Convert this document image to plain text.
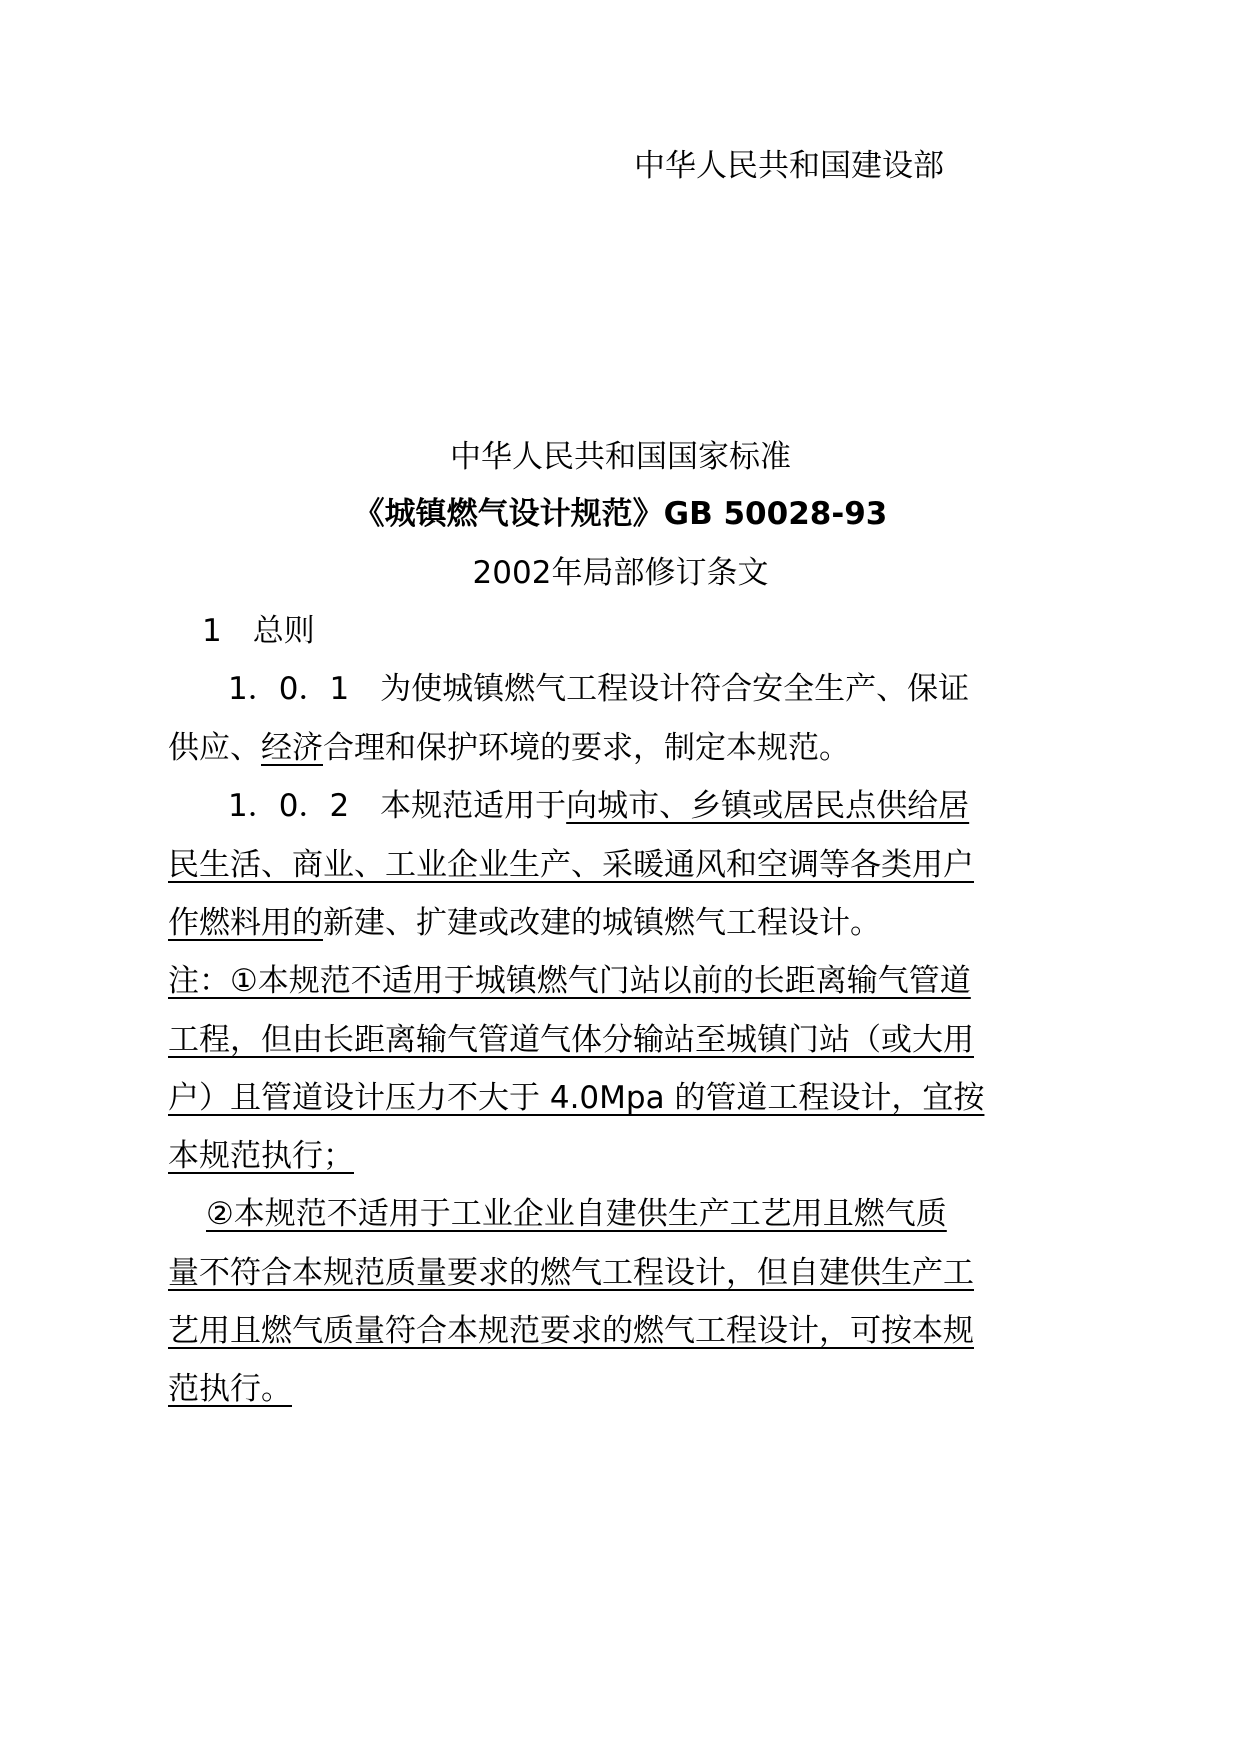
中华人民共和国建设部
中华人民共和国国家标准
《城镇燃气设计规范》GB 50028-93
2002年局部修订条文
1　总则
1．0．1　为使城镇燃气工程设计符合安全生产、保证
供应、经济合理和保护环境的要求，制定本规范。
1．0．2　本规范适用于向城市、乡镇或居民点供给居
民生活、商业、工业企业生产、采暖通风和空调等各类用户
作燃料用的新建、扩建或改建的城镇燃气工程设计。
注：①本规范不适用于城镇燃气门站以前的长距离输气管道
工程，但由长距离输气管道气体分输站至城镇门站（或大用
户）且管道设计压力不大于 4.0Mpa 的管道工程设计，宜按
本规范执行；
②本规范不适用于工业企业自建供生产工艺用且燃气质
量不符合本规范质量要求的燃气工程设计，但自建供生产工
艺用且燃气质量符合本规范要求的燃气工程设计，可按本规
范执行。
